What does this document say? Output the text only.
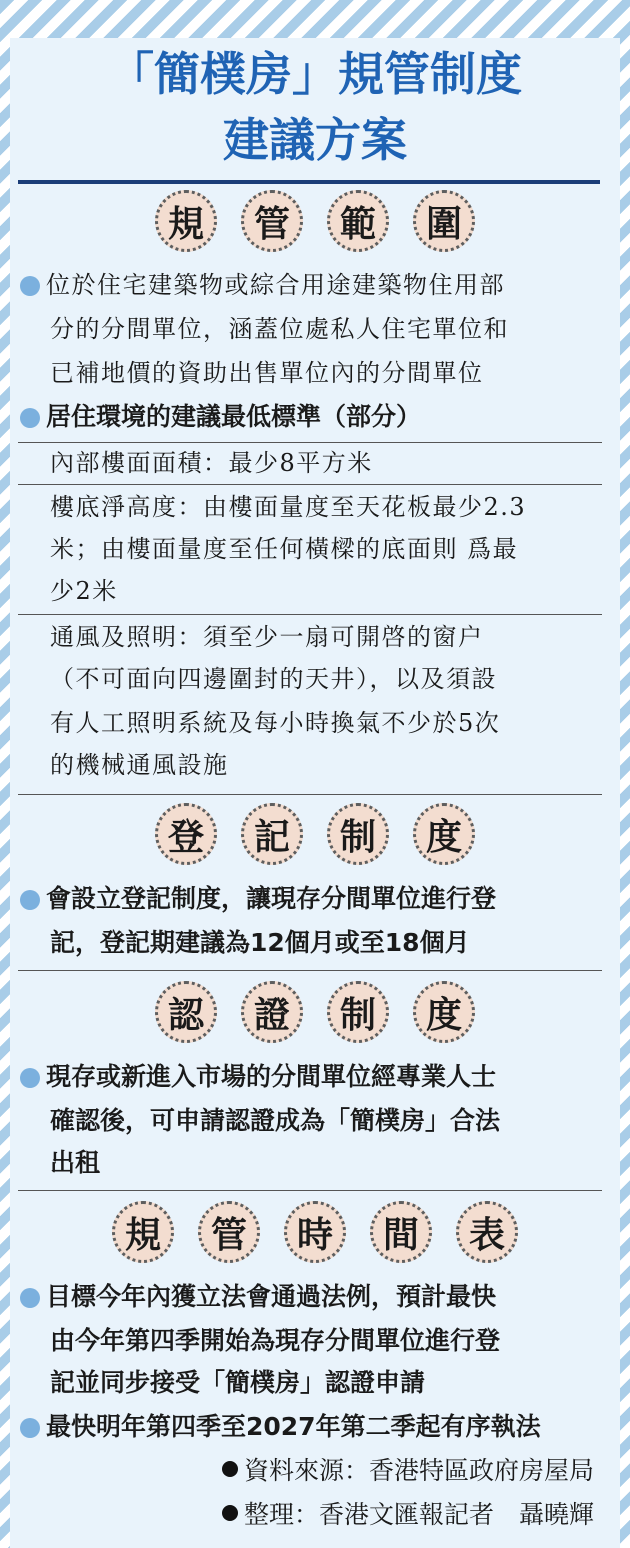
「簡樸房」規管制度
建議方案
規	管	範	圍
位於住宅建築物或綜合用途建築物住用部
分的分間單位，涵蓋位處私人住宅單位和
已補地價的資助出售單位內的分間單位
居住環境的建議最低標準（部分）
內部樓面面積：最少8平方米
樓底淨高度：由樓面量度至天花板最少2.3
米；由樓面量度至任何橫樑的底面則 爲最
少2米
通風及照明：須至少一扇可開啓的窗户
（不可面向四邊圍封的天井），以及須設
有人工照明系統及每小時換氣不少於5次
的機械通風設施
登	記	制	度
會設立登記制度，讓現存分間單位進行登
記，登記期建議為12個月或至18個月
認	證	制	度
現存或新進入市場的分間單位經專業人士
確認後，可申請認證成為「簡樸房」合法
出租
規	管	時	間	表
目標今年內獲立法會通過法例，預計最快
由今年第四季開始為現存分間單位進行登
記並同步接受「簡樸房」認證申請
最快明年第四季至2027年第二季起有序執法
資料來源：香港特區政府房屋局
整理：香港文匯報記者　聶曉輝
